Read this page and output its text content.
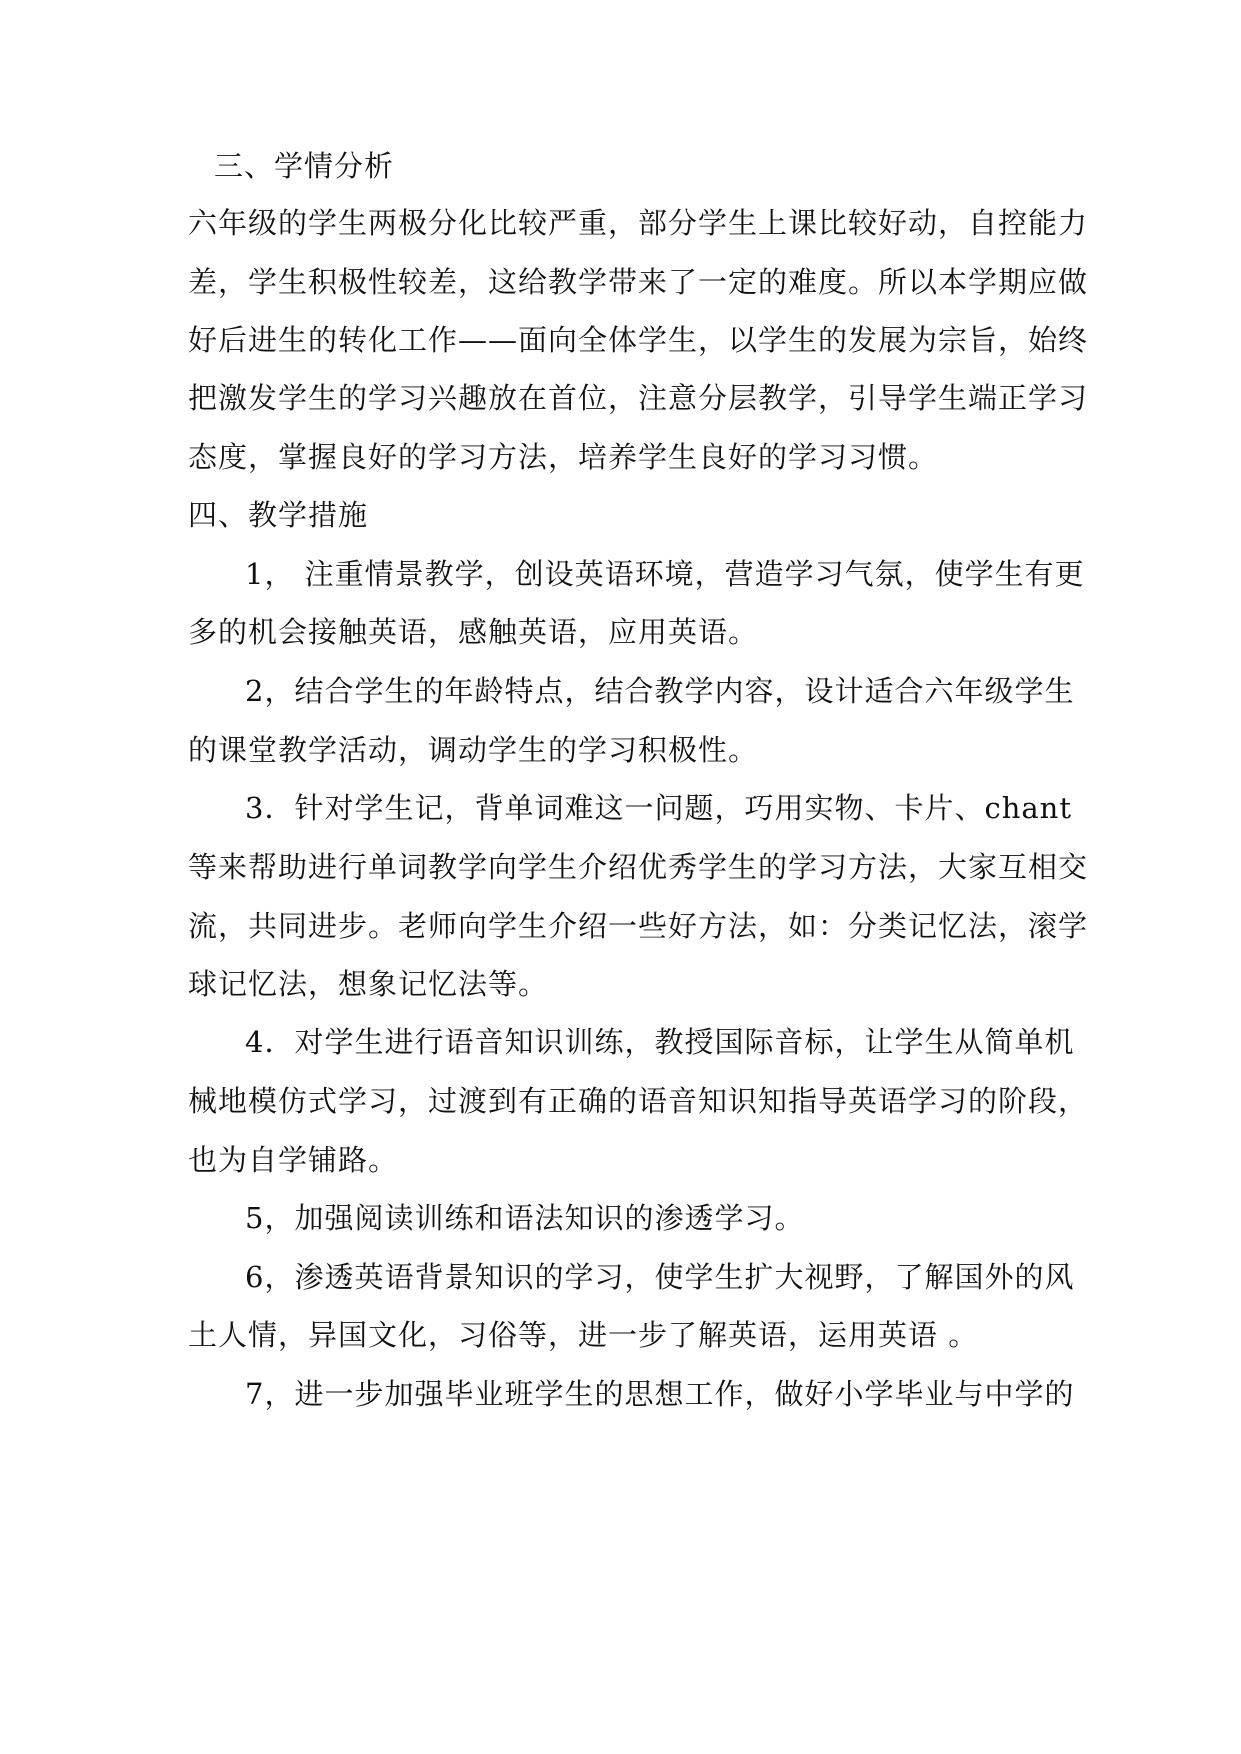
三、学情分析
六年级的学生两极分化比较严重，部分学生上课比较好动，自控能力
差，学生积极性较差，这给教学带来了一定的难度。所以本学期应做
好后进生的转化工作——面向全体学生，以学生的发展为宗旨，始终
把激发学生的学习兴趣放在首位，注意分层教学，引导学生端正学习
态度，掌握良好的学习方法，培养学生良好的学习习惯。
四、教学措施
1， 注重情景教学，创设英语环境，营造学习气氛，使学生有更
多的机会接触英语，感触英语，应用英语。
2，结合学生的年龄特点，结合教学内容，设计适合六年级学生
的课堂教学活动，调动学生的学习积极性。
3．针对学生记，背单词难这一问题，巧用实物、卡片、chant
等来帮助进行单词教学向学生介绍优秀学生的学习方法，大家互相交
流，共同进步。老师向学生介绍一些好方法，如：分类记忆法，滚学
球记忆法，想象记忆法等。
4．对学生进行语音知识训练，教授国际音标，让学生从简单机
械地模仿式学习，过渡到有正确的语音知识知指导英语学习的阶段，
也为自学铺路。
5，加强阅读训练和语法知识的渗透学习。
6，渗透英语背景知识的学习，使学生扩大视野，了解国外的风
土人情，异国文化，习俗等，进一步了解英语，运用英语 。
7，进一步加强毕业班学生的思想工作，做好小学毕业与中学的
